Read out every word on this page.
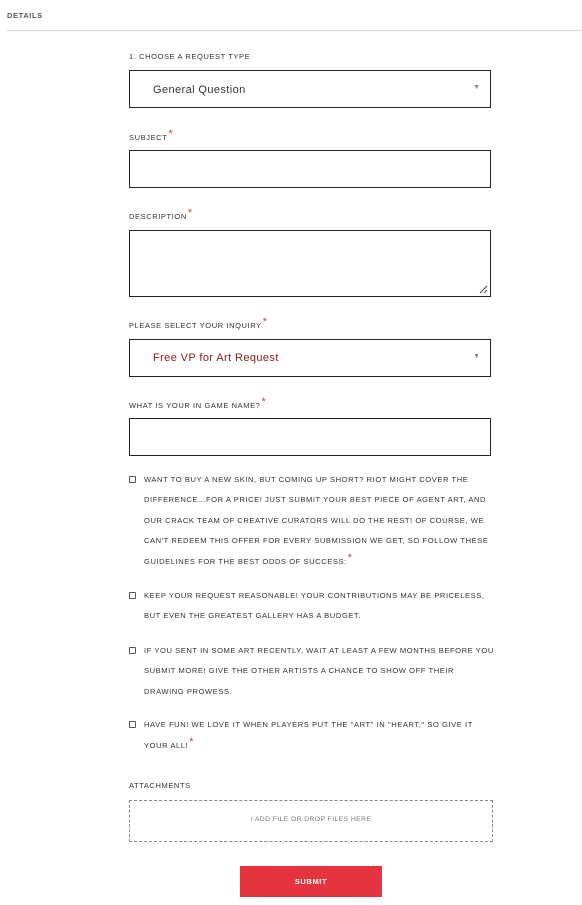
DETAILS
1. CHOOSE A REQUEST TYPE
General Question	▼
SUBJECT*
DESCRIPTION*
PLEASE SELECT YOUR INQUIRY*
Free VP for Art Request	▼
WHAT IS YOUR IN GAME NAME?*
WANT TO BUY A NEW SKIN, BUT COMING UP SHORT? RIOT MIGHT COVER THE DIFFERENCE...FOR A PRICE! JUST SUBMIT YOUR BEST PIECE OF AGENT ART, AND OUR CRACK TEAM OF CREATIVE CURATORS WILL DO THE REST! OF COURSE, WE CAN'T REDEEM THIS OFFER FOR EVERY SUBMISSION WE GET, SO FOLLOW THESE GUIDELINES FOR THE BEST ODDS OF SUCCESS:*
KEEP YOUR REQUEST REASONABLE! YOUR CONTRIBUTIONS MAY BE PRICELESS, BUT EVEN THE GREATEST GALLERY HAS A BUDGET.
IF YOU SENT IN SOME ART RECENTLY, WAIT AT LEAST A FEW MONTHS BEFORE YOU SUBMIT MORE! GIVE THE OTHER ARTISTS A CHANCE TO SHOW OFF THEIR DRAWING PROWESS.
HAVE FUN! WE LOVE IT WHEN PLAYERS PUT THE "ART" IN "HEART," SO GIVE IT YOUR ALL!*
ATTACHMENTS
/ ADD FILE OR DROP FILES HERE
SUBMIT
